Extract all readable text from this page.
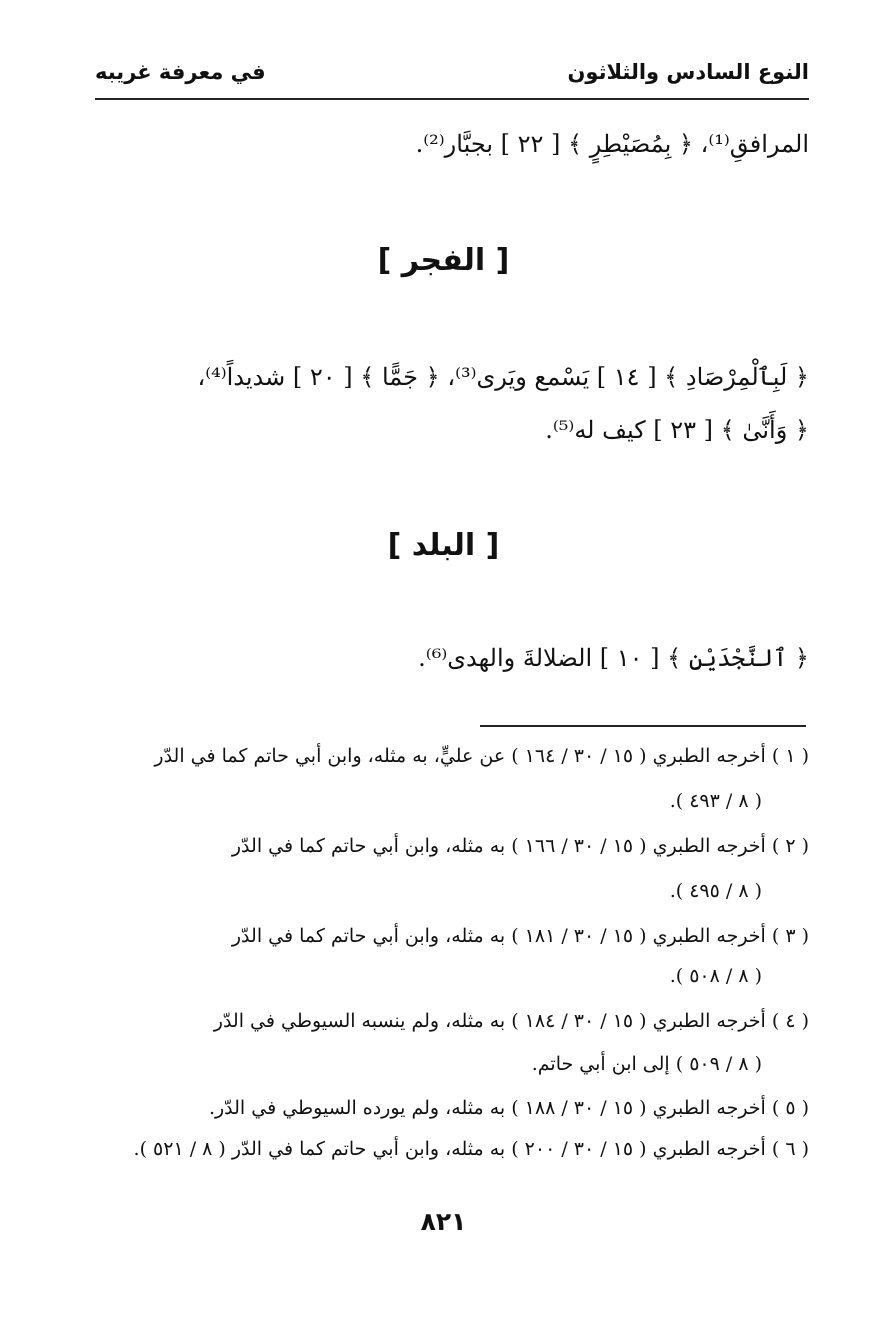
النوع السادس والثلاثون
في معرفة غريبه
المرافقِ⁽¹⁾، ﴿ بِمُصَيْطِرٍ ﴾ [ ٢٢ ] بجبَّار⁽²⁾.
[ الفجر ]
﴿ لَبِٱلْمِرْصَادِ ﴾ [ ١٤ ] يَسْمع ويَرى⁽³⁾، ﴿ جَمًّا ﴾ [ ٢٠ ] شديداً⁽⁴⁾،
﴿ وَأَنَّىٰ ﴾ [ ٢٣ ] كيف له⁽⁵⁾.
[ البلد ]
﴿ ٱلنَّجْدَيْنِ ﴾ [ ١٠ ] الضلالةَ والهدى⁽⁶⁾.
( ١ ) أخرجه الطبري ( ١٥ / ٣٠ / ١٦٤ ) عن عليٍّ، به مثله، وابن أبي حاتم كما في الدّر
( ٨ / ٤٩٣ ).
( ٢ ) أخرجه الطبري ( ١٥ / ٣٠ / ١٦٦ ) به مثله، وابن أبي حاتم كما في الدّر
( ٨ / ٤٩٥ ).
( ٣ ) أخرجه الطبري ( ١٥ / ٣٠ / ١٨١ ) به مثله، وابن أبي حاتم كما في الدّر
( ٨ / ٥٠٨ ).
( ٤ ) أخرجه الطبري ( ١٥ / ٣٠ / ١٨٤ ) به مثله، ولم ينسبه السيوطي في الدّر
( ٨ / ٥٠٩ ) إلى ابن أبي حاتم.
( ٥ ) أخرجه الطبري ( ١٥ / ٣٠ / ١٨٨ ) به مثله، ولم يورده السيوطي في الدّر.
( ٦ ) أخرجه الطبري ( ١٥ / ٣٠ / ٢٠٠ ) به مثله، وابن أبي حاتم كما في الدّر ( ٨ / ٥٢١ ).
٨٢١
